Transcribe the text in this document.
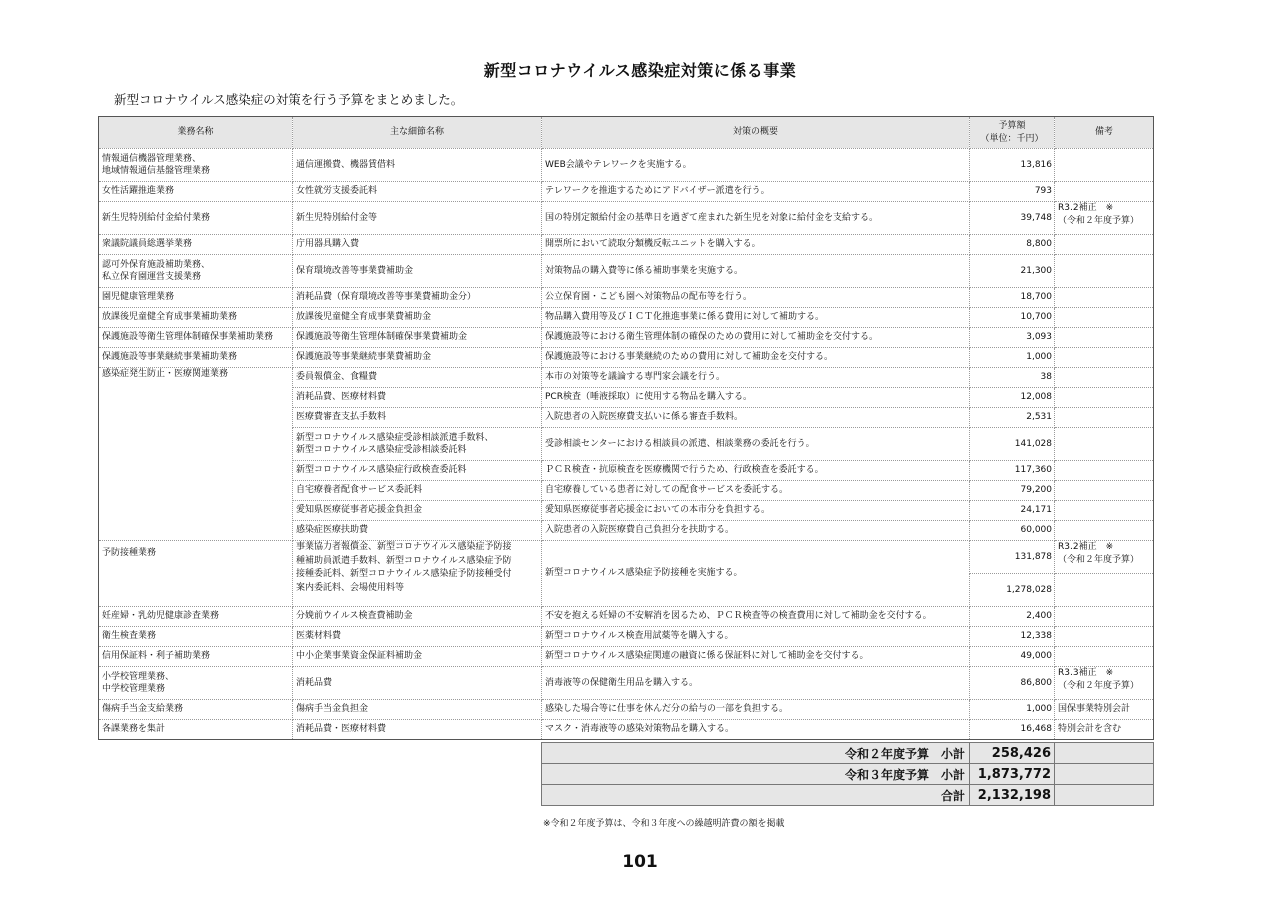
新型コロナウイルス感染症対策に係る事業
新型コロナウイルス感染症の対策を行う予算をまとめました。
業務名称	主な細節名称	対策の概要	予算額
（単位：千円）	備考
情報通信機器管理業務、
地域情報通信基盤管理業務	通信運搬費、機器賃借料	WEB会議やテレワークを実施する。	13,816	
女性活躍推進業務	女性就労支援委託料	テレワークを推進するためにアドバイザー派遣を行う。	793	
新生児特別給付金給付業務	新生児特別給付金等	国の特別定額給付金の基準日を過ぎて産まれた新生児を対象に給付金を支給する。	39,748	R3.2補正　※
（令和２年度予算）
衆議院議員総選挙業務	庁用器具購入費	開票所において読取分類機反転ユニットを購入する。	8,800	
認可外保育施設補助業務、
私立保育園運営支援業務	保育環境改善等事業費補助金	対策物品の購入費等に係る補助事業を実施する。	21,300	
園児健康管理業務	消耗品費（保育環境改善等事業費補助金分）	公立保育園・こども園へ対策物品の配布等を行う。	18,700	
放課後児童健全育成事業補助業務	放課後児童健全育成事業費補助金	物品購入費用等及びＩＣＴ化推進事業に係る費用に対して補助する。	10,700	
保護施設等衛生管理体制確保事業補助業務	保護施設等衛生管理体制確保事業費補助金	保護施設等における衛生管理体制の確保のための費用に対して補助金を交付する。	3,093	
保護施設等事業継続事業補助業務	保護施設等事業継続事業費補助金	保護施設等における事業継続のための費用に対して補助金を交付する。	1,000	
感染症発生防止・医療関連業務	委員報償金、食糧費	本市の対策等を議論する専門家会議を行う。	38	
	消耗品費、医療材料費	PCR検査（唾液採取）に使用する物品を購入する。	12,008	
	医療費審査支払手数料	入院患者の入院医療費支払いに係る審査手数料。	2,531	
	新型コロナウイルス感染症受診相談派遣手数料、
新型コロナウイルス感染症受診相談委託料	受診相談センターにおける相談員の派遣、相談業務の委託を行う。	141,028	
	新型コロナウイルス感染症行政検査委託料	ＰＣＲ検査・抗原検査を医療機関で行うため、行政検査を委託する。	117,360	
	自宅療養者配食サービス委託料	自宅療養している患者に対しての配食サービスを委託する。	79,200	
	愛知県医療従事者応援金負担金	愛知県医療従事者応援金においての本市分を負担する。	24,171	
	感染症医療扶助費	入院患者の入院医療費自己負担分を扶助する。	60,000	

予防接種業務	事業協力者報償金、新型コロナウイルス感染症予防接
種補助員派遣手数料、新型コロナウイルス感染症予防
接種委託料、新型コロナウイルス感染症予防接種受付
案内委託料、会場使用料等	新型コロナウイルス感染症予防接種を実施する。	131,878	R3.2補正　※
（令和２年度予算）
			1,278,028	
妊産婦・乳幼児健康診査業務	分娩前ウイルス検査費補助金	不安を抱える妊婦の不安解消を図るため、ＰＣＲ検査等の検査費用に対して補助金を交付する。	2,400	
衛生検査業務	医薬材料費	新型コロナウイルス検査用試薬等を購入する。	12,338	
信用保証料・利子補助業務	中小企業事業資金保証料補助金	新型コロナウイルス感染症関連の融資に係る保証料に対して補助金を交付する。	49,000	
小学校管理業務、
中学校管理業務	消耗品費	消毒液等の保健衛生用品を購入する。	86,800	R3.3補正　※
（令和２年度予算）
傷病手当金支給業務	傷病手当金負担金	感染した場合等に仕事を休んだ分の給与の一部を負担する。	1,000	国保事業特別会計
各課業務を集計	消耗品費・医療材料費	マスク・消毒液等の感染対策物品を購入する。	16,468	特別会計を含む
令和２年度予算　小計	258,426	
令和３年度予算　小計	1,873,772	
合計	2,132,198	
※令和２年度予算は、令和３年度への繰越明許費の額を掲載
101
